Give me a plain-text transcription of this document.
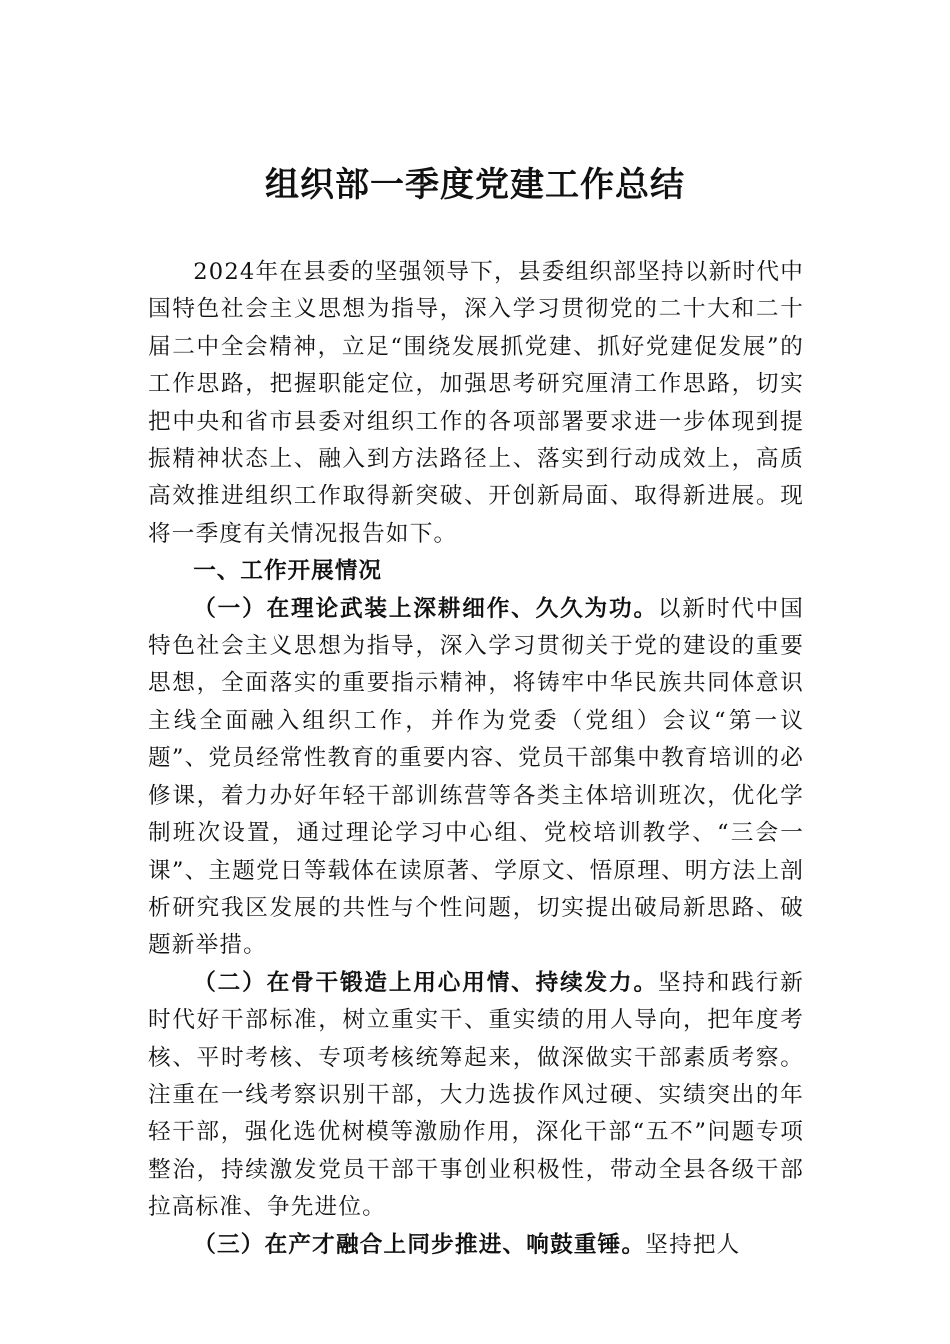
组织部一季度党建工作总结

2024年在县委的坚强领导下，县委组织部坚持以新时代中国特色社会主义思想为指导，深入学习贯彻党的二十大和二十届二中全会精神，立足“围绕发展抓党建、抓好党建促发展”的工作思路，把握职能定位，加强思考研究厘清工作思路，切实把中央和省市县委对组织工作的各项部署要求进一步体现到提振精神状态上、融入到方法路径上、落实到行动成效上，高质高效推进组织工作取得新突破、开创新局面、取得新进展。现将一季度有关情况报告如下。

一、工作开展情况

（一）在理论武装上深耕细作、久久为功。以新时代中国特色社会主义思想为指导，深入学习贯彻关于党的建设的重要思想，全面落实的重要指示精神，将铸牢中华民族共同体意识主线全面融入组织工作，并作为党委（党组）会议“第一议题”、党员经常性教育的重要内容、党员干部集中教育培训的必修课，着力办好年轻干部训练营等各类主体培训班次，优化学制班次设置，通过理论学习中心组、党校培训教学、“三会一课”、主题党日等载体在读原著、学原文、悟原理、明方法上剖析研究我区发展的共性与个性问题，切实提出破局新思路、破题新举措。

（二）在骨干锻造上用心用情、持续发力。坚持和践行新时代好干部标准，树立重实干、重实绩的用人导向，把年度考核、平时考核、专项考核统筹起来，做深做实干部素质考察。注重在一线考察识别干部，大力选拔作风过硬、实绩突出的年轻干部，强化选优树模等激励作用，深化干部“五不”问题专项整治，持续激发党员干部干事创业积极性，带动全县各级干部拉高标准、争先进位。

（三）在产才融合上同步推进、响鼓重锤。坚持把人
